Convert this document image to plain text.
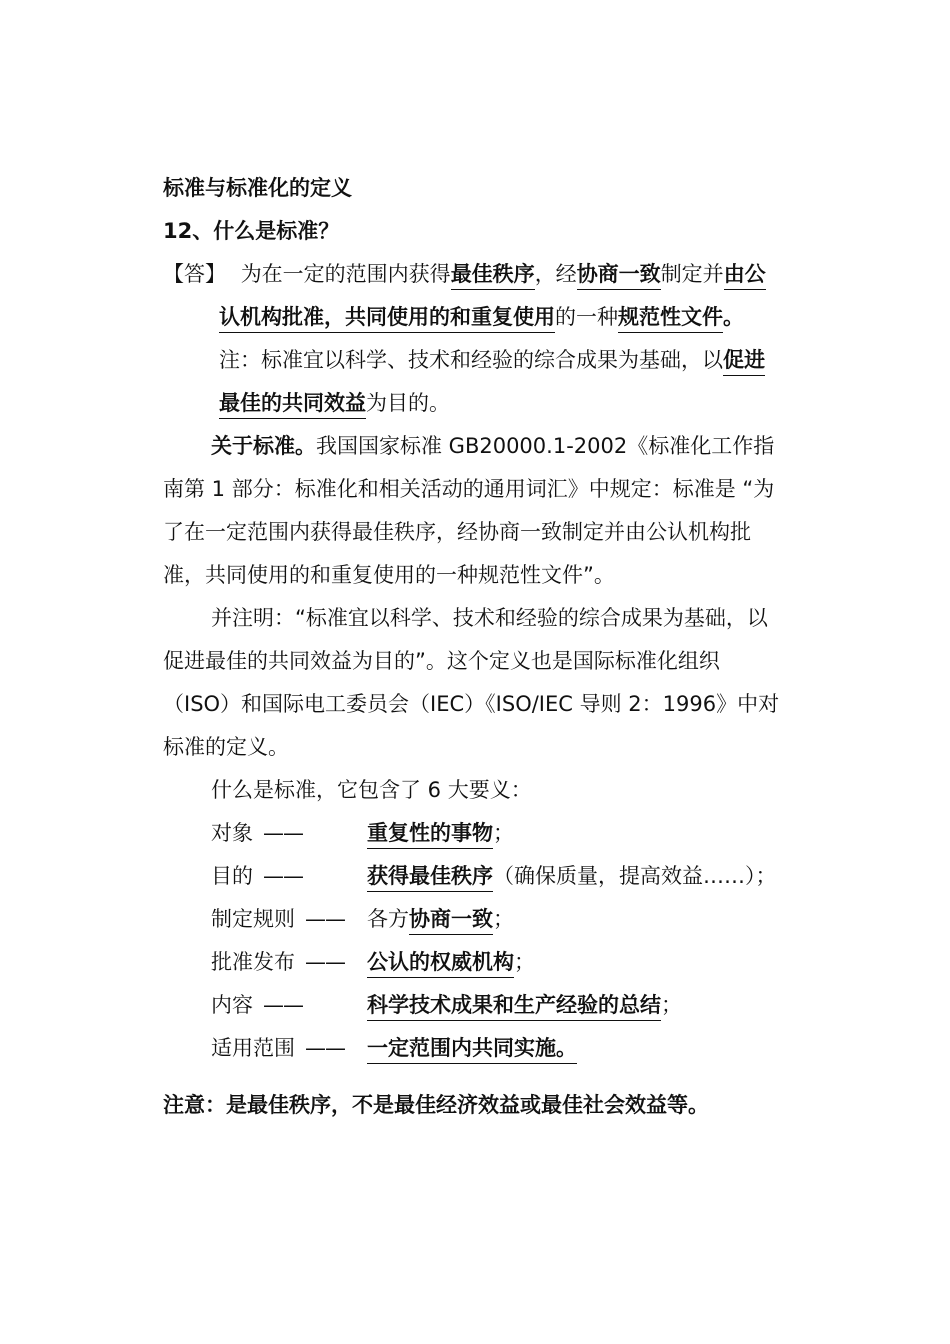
标准与标准化的定义
12、什么是标准？
【答】 为在一定的范围内获得最佳秩序，经协商一致制定并由公
认机构批准，共同使用的和重复使用的一种规范性文件。
注：标准宜以科学、技术和经验的综合成果为基础，以促进
最佳的共同效益为目的。
关于标准。我国国家标准 GB20000.1-2002《标准化工作指
南第 1 部分：标准化和相关活动的通用词汇》中规定：标准是 “为
了在一定范围内获得最佳秩序，经协商一致制定并由公认机构批
准，共同使用的和重复使用的一种规范性文件”。
并注明：“标准宜以科学、技术和经验的综合成果为基础，以
促进最佳的共同效益为目的”。这个定义也是国际标准化组织
（ISO）和国际电工委员会（IEC）《ISO/IEC 导则 2：1996》中对
标准的定义。
什么是标准，它包含了 6 大要义：
对象 ——	重复性的事物；
目的 ——	获得最佳秩序（确保质量，提高效益……）；
制定规则 ——	各方协商一致；
批准发布 ——	公认的权威机构；
内容 ——	科学技术成果和生产经验的总结；
适用范围 ——	一定范围内共同实施。
注意：是最佳秩序，不是最佳经济效益或最佳社会效益等。
